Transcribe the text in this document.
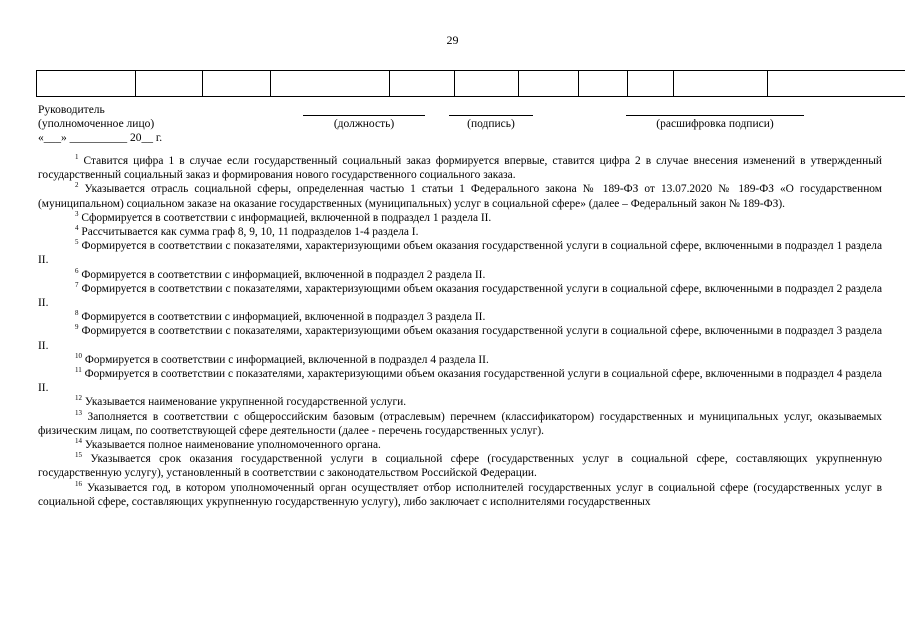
29

Руководитель
(уполномоченное лицо)
«___» __________ 20__ г.
(должность)	(подпись)	(расшифровка подписи)

$^1$ Ставится цифра 1 в случае если государственный социальный заказ формируется впервые, ставится цифра 2 в случае внесения изменений в утвержденный государственный социальный заказ и формирования нового государственного социального заказа.

$^2$ Указывается отрасль социальной сферы, определенная частью 1 статьи 1 Федерального закона № 189-ФЗ от 13.07.2020 № 189-ФЗ «О государственном (муниципальном) социальном заказе на оказание государственных (муниципальных) услуг в социальной сфере» (далее – Федеральный закон № 189-ФЗ).

$^3$ Сформируется в соответствии с информацией, включенной в подраздел 1 раздела II.

$^4$ Рассчитывается как сумма граф 8, 9, 10, 11 подразделов 1-4 раздела I.

$^5$ Формируется в соответствии с показателями, характеризующими объем оказания государственной услуги в социальной сфере, включенными в подраздел 1 раздела II.

$^6$ Формируется в соответствии с информацией, включенной в подраздел 2 раздела II.

$^7$ Формируется в соответствии с показателями, характеризующими объем оказания государственной услуги в социальной сфере, включенными в подраздел 2 раздела II.

$^8$ Формируется в соответствии с информацией, включенной в подраздел 3 раздела II.

$^9$ Формируется в соответствии с показателями, характеризующими объем оказания государственной услуги в социальной сфере, включенными в подраздел 3 раздела II.

$^{10}$ Формируется в соответствии с информацией, включенной в подраздел 4 раздела II.

$^{11}$ Формируется в соответствии с показателями, характеризующими объем оказания государственной услуги в социальной сфере, включенными в подраздел 4 раздела II.

$^{12}$ Указывается наименование укрупненной государственной услуги.

$^{13}$ Заполняется в соответствии с общероссийским базовым (отраслевым) перечнем (классификатором) государственных и муниципальных услуг, оказываемых физическим лицам, по соответствующей сфере деятельности (далее - перечень государственных услуг).

$^{14}$ Указывается полное наименование уполномоченного органа.

$^{15}$ Указывается срок оказания государственной услуги в социальной сфере (государственных услуг в социальной сфере, составляющих укрупненную государственную услугу), установленный в соответствии с законодательством Российской Федерации.

$^{16}$ Указывается год, в котором уполномоченный орган осуществляет отбор исполнителей государственных услуг в социальной сфере (государственных услуг в социальной сфере, составляющих укрупненную государственную услугу), либо заключает с исполнителями государственных
